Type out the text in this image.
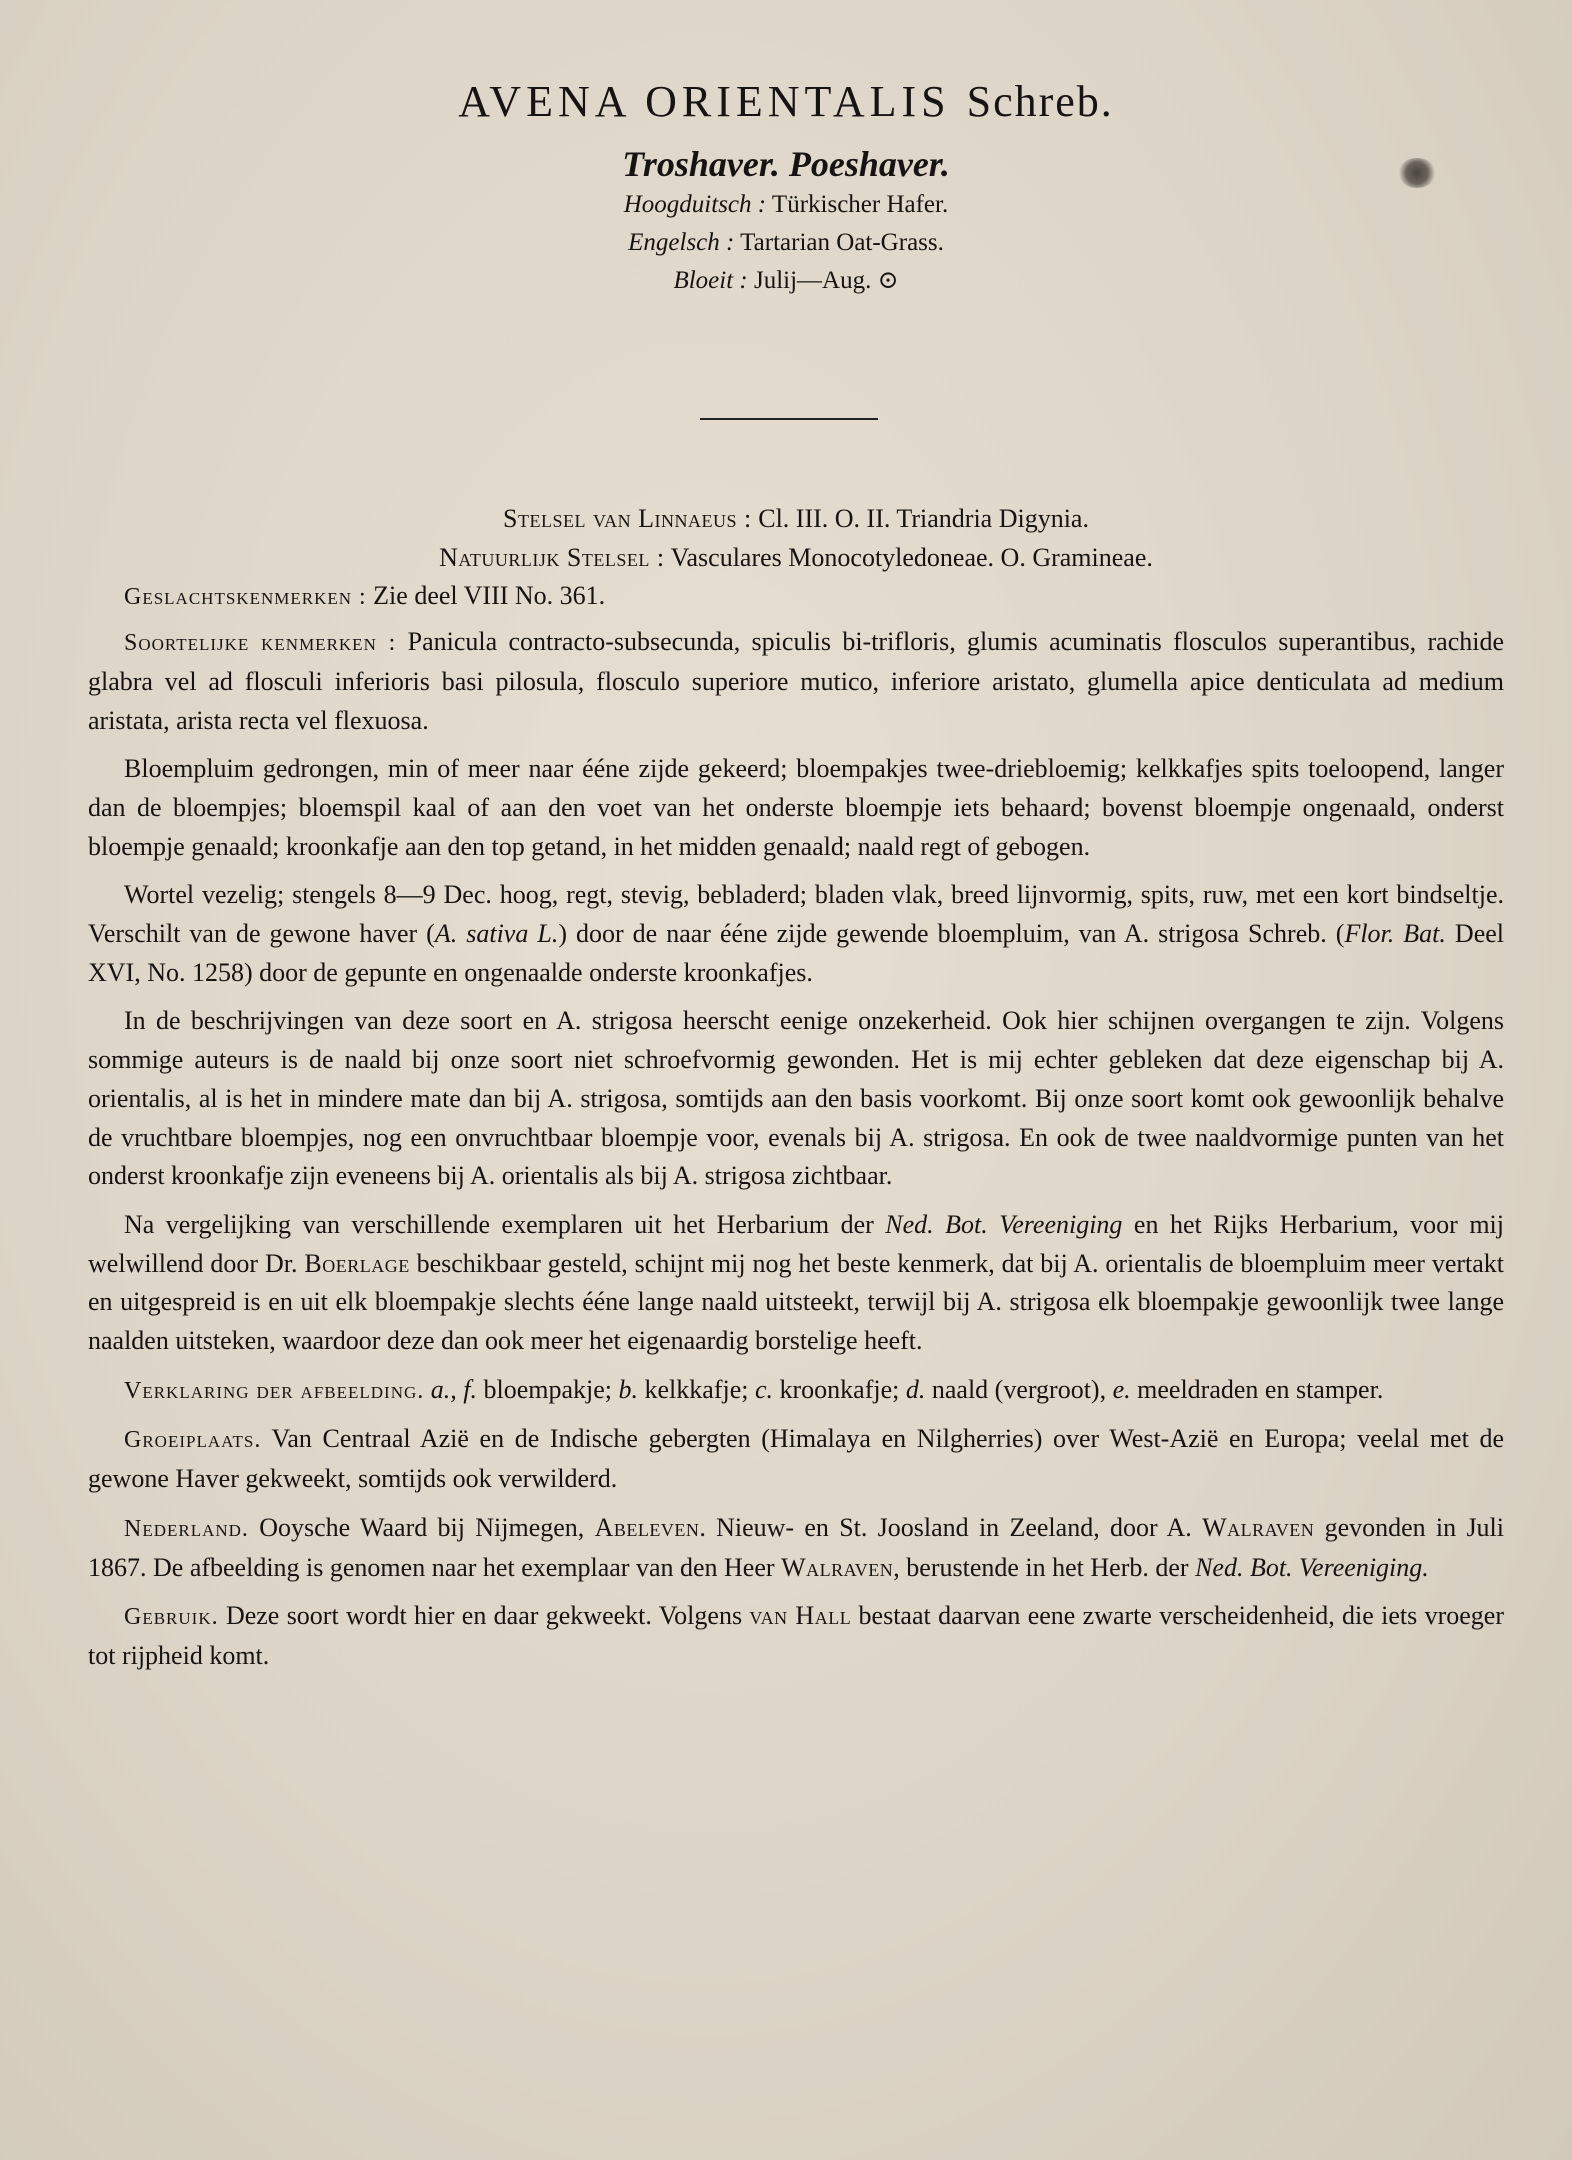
AVENA ORIENTALIS Schreb.
Troshaver. Poeshaver.
Hoogduitsch : Türkischer Hafer.
Engelsch : Tartarian Oat-Grass.
Bloeit : Julij—Aug. ⊙

Stelsel van Linnaeus : Cl. III. O. II. Triandria Digynia.

Natuurlijk Stelsel : Vasculares Monocotyledoneae. O. Gramineae.

Geslachtskenmerken : Zie deel VIII No. 361.

Soortelijke kenmerken : Panicula contracto-subsecunda, spiculis bi-trifloris, glumis acuminatis flosculos superantibus, rachide glabra vel ad flosculi inferioris basi pilosula, flosculo superiore mutico, inferiore aristato, glumella apice denticulata ad medium aristata, arista recta vel flexuosa.

Bloempluim gedrongen, min of meer naar ééne zijde gekeerd; bloempakjes twee-driebloemig; kelkkafjes spits toeloopend, langer dan de bloempjes; bloemspil kaal of aan den voet van het onderste bloempje iets behaard; bovenst bloempje ongenaald, onderst bloempje genaald; kroonkafje aan den top getand, in het midden genaald; naald regt of gebogen.

Wortel vezelig; stengels 8—9 Dec. hoog, regt, stevig, bebladerd; bladen vlak, breed lijnvormig, spits, ruw, met een kort bindseltje. Verschilt van de gewone haver (A. sativa L.) door de naar ééne zijde gewende bloempluim, van A. strigosa Schreb. (Flor. Bat. Deel XVI, No. 1258) door de gepunte en ongenaalde onderste kroonkafjes.

In de beschrijvingen van deze soort en A. strigosa heerscht eenige onzekerheid. Ook hier schijnen overgangen te zijn. Volgens sommige auteurs is de naald bij onze soort niet schroefvormig gewonden. Het is mij echter gebleken dat deze eigenschap bij A. orientalis, al is het in mindere mate dan bij A. strigosa, somtijds aan den basis voorkomt. Bij onze soort komt ook gewoonlijk behalve de vruchtbare bloempjes, nog een onvruchtbaar bloempje voor, evenals bij A. strigosa. En ook de twee naaldvormige punten van het onderst kroonkafje zijn eveneens bij A. orientalis als bij A. strigosa zichtbaar.

Na vergelijking van verschillende exemplaren uit het Herbarium der Ned. Bot. Vereeniging en het Rijks Herbarium, voor mij welwillend door Dr. Boerlage beschikbaar gesteld, schijnt mij nog het beste kenmerk, dat bij A. orientalis de bloempluim meer vertakt en uitgespreid is en uit elk bloempakje slechts ééne lange naald uitsteekt, terwijl bij A. strigosa elk bloempakje gewoonlijk twee lange naalden uitsteken, waardoor deze dan ook meer het eigenaardig borstelige heeft.

Verklaring der afbeelding. a., f. bloempakje; b. kelkkafje; c. kroonkafje; d. naald (vergroot), e. meeldraden en stamper.

Groeiplaats. Van Centraal Azië en de Indische gebergten (Himalaya en Nilgherries) over West-Azië en Europa; veelal met de gewone Haver gekweekt, somtijds ook verwilderd.

Nederland. Ooysche Waard bij Nijmegen, Abeleven. Nieuw- en St. Joosland in Zeeland, door A. Walraven gevonden in Juli 1867. De afbeelding is genomen naar het exemplaar van den Heer Walraven, berustende in het Herb. der Ned. Bot. Vereeniging.

Gebruik. Deze soort wordt hier en daar gekweekt. Volgens van Hall bestaat daarvan eene zwarte verscheidenheid, die iets vroeger tot rijpheid komt.
